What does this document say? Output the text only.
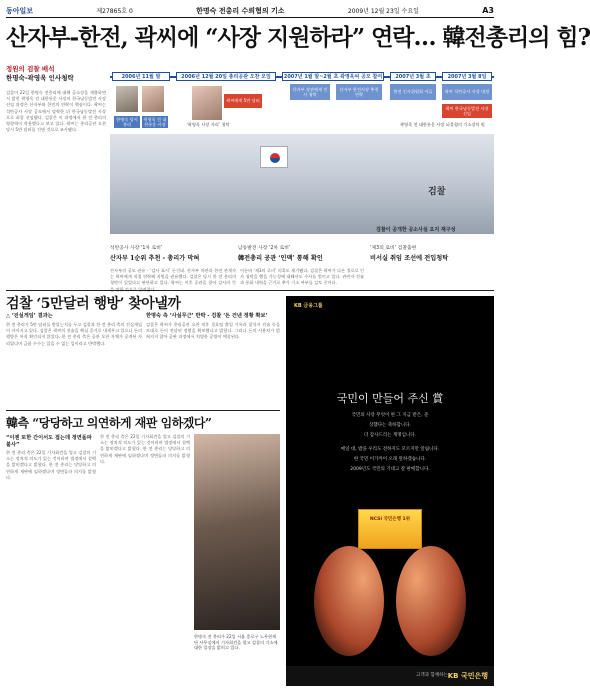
동아일보	제27865호 0	한명숙 전총리 수뢰혐의 기소	2009년 12월 23일 수요일	A3
산자부-한전, 곽씨에 “사장 지원하라” 연락… 韓전총리의 힘?
정원의 검찰 배석
한명숙-곽영욱 인사청탁
검찰이 22일 한명숙 전총리에 대해 공소장을 제출하면서 밝힌 곽영욱 전 대한통운 사장의 한국남동발전 사장 선임 과정은 산자부와 한전의 연락이 핵심이다. 곽씨는 석탄공사 사장 공모에서 탈락한 뒤 한국남동발전 사장으로 최종 선임됐다. 검찰은 이 과정에서 한 전 총리의 영향력이 작용했다고 보고 있다. 곽씨는 총리공관 오찬 당시 5만 달러를 건넨 것으로 조사됐다.
2006년 11월 말	2006년 12월 20일 총리공관 오찬 모임	2007년 1월 말~2월 초 곽영욱씨 공모 참여	2007년 3월 초	2007년 3월 8일
한명숙 당시 총리
곽영욱 전 대한통운 사장	‘곽영욱 사장 자리’ 청탁
곽씨에게 5만 달러
산자부 장관에게 인사 청탁
산자부 한전사장 추천 연락
한전 인사위원회 서류	곽씨 석탄공사 사장 내정
곽씨 한국남동발전 사장 선임
곽영욱 전 대한통운 사장 뇌물혐의 기소장의 원
검찰
검찰이 공개한 공소사실 요지 재구성
석탄공사 사장 ‘1차 로비’
산자부 1순위 추천 - 총리가 막혀
남동발전 사장 ‘2차 로비’
韓전총리 공관 ‘인맥’ 통해 확인
‘제3의 로비’ 검찰출현
비서실 취임 조선에 전입청탁
산자부의 공모 권유 - ‘감사 표시’ 돈건네. 산자부 차관과 한전 관계자는 곽씨에게 직접 연락해 지원을 권유했다. 검찰은 당시 한 전 총리의 청탁이 있었다고 판단하고 있다. 곽씨는 이후 공관을 찾아 감사의 뜻
이른바 ‘제3의 로비’ 의혹도 제기됐다. 검찰은 곽씨가 다른 경로로 인사 청탁을 했을 가능성에 대해서도 수사를 벌이고 있다. 관련자 진술과 통화 내역을 근거로 추가 기소 여부를 검토 중이다.
검찰 ‘5만달러 행방’ 찾아낼까
△ ‘진실게임’ 결과는	한명숙 측 ‘사실무근’ 반박 - 검찰 ‘돈 건넨 정황 확보’
한 전 총리가 5만 달러를 받았는지를 두고 검찰과 한 전 총리 측의 진실게임이 이어지고 있다. 검찰은 곽씨의 진술을 핵심 증거로 내세우고 있으나 돈의 행방은 아직 확인되지 않았다. 한 전 총리 측은 공관 오찬 자체가 공개된 자리였다며 금품 수수는 있을 수 없는 일이라고 반박했다.
검찰은 곽씨가 총리공관 오찬 직후 경호팀 출입 기록과 참석자 진술 등을 토대로 돈이 전달된 정황을 확보했다고 밝혔다. 그러나 돈의 사용처가 밝혀지지 않아 공판 과정에서 치열한 공방이 예상된다.
韓측 “당당하고 의연하게 재판 임하겠다”
“이젠 또한 간이서도 접는데 정면돌파 불사”
한 전 총리 측은 22일 기자회견을 열고 검찰의 기소는 정치적 의도가 있는 것이라며 법정에서 결백을 밝히겠다고 밝혔다. 한 전 총리는 당당하고 의연하게 재판에 임하겠다며 정면돌파 의지를 밝혔다.
한 전 총리 측은 22일 기자회견을 열고 검찰의 기소는 정치적 의도가 있는 것이라며 법정에서 결백을 밝히겠다고 밝혔다. 한 전 총리는 당당하고 의연하게 재판에 임하겠다며 정면돌파 의지를 밝혔다.
한명숙 전 총리가 22일 서울 종로구 노무현재단 사무실에서 기자회견을 열고 검찰의 기소에 대한 입장을 밝히고 있다.
KB 금융그룹
국민이 만들어 주신 賞
국민의 사랑 무엇이 한 그 지금 받은, 준
상했다는 축하합니다.
더 감사드리는 계명입니다.
매일 대, 밥을 우리도 전하지도 모르지만 알림니다.
한 국민 이가까이 오래 말하겠습니다.
2009년도 국민의 기대고 잘 판매합니다.
NCSI 국민은행 1위
고객과 함께하는 KB 국민은행
